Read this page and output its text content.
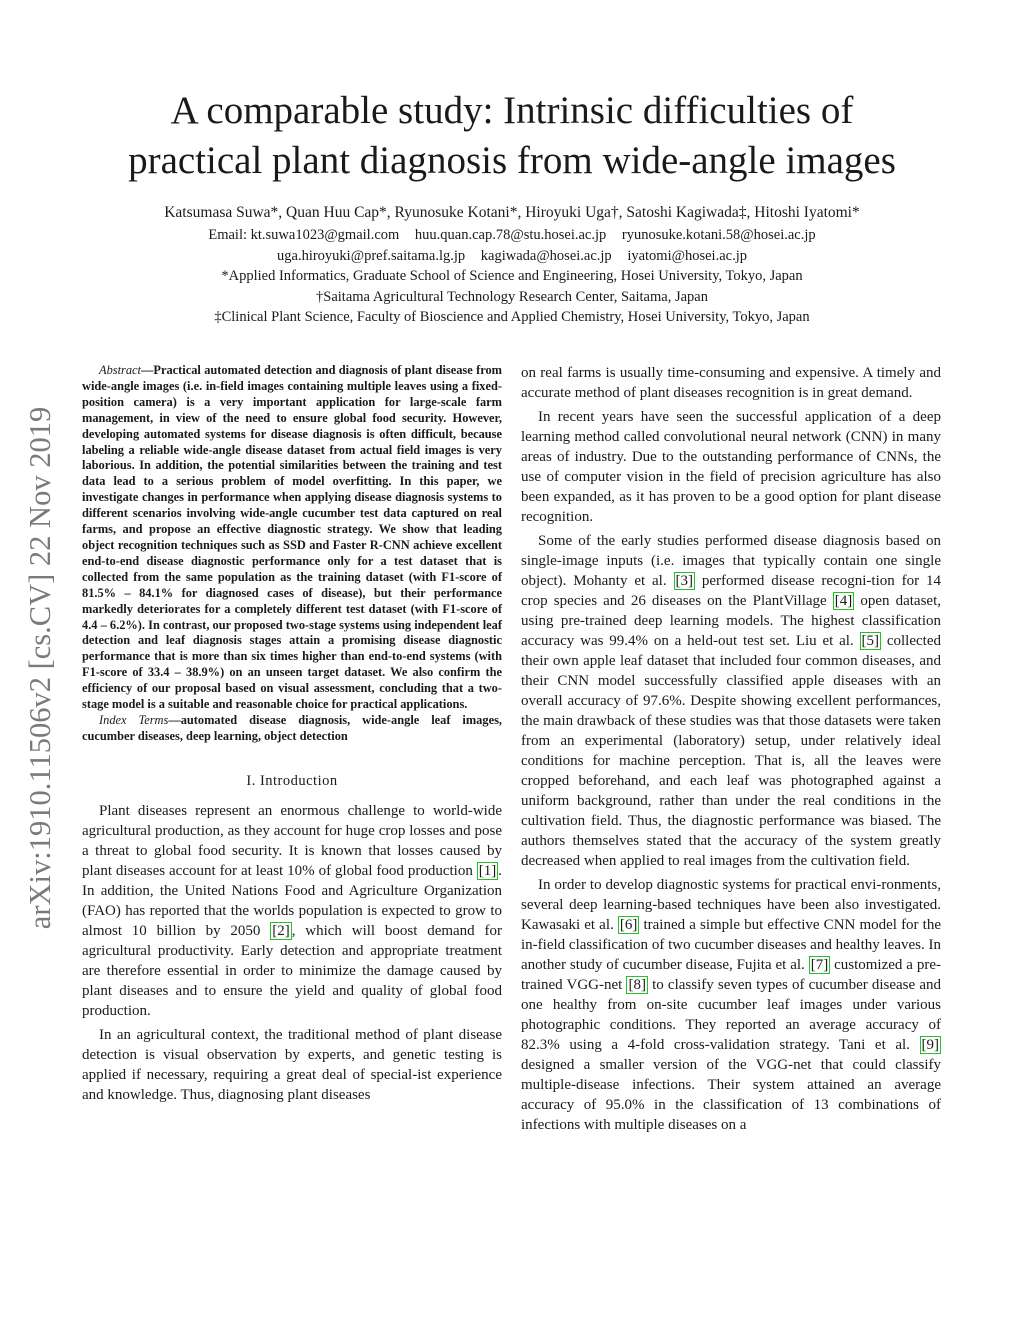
A comparable study: Intrinsic difficulties of
practical plant diagnosis from wide-angle images
Katsumasa Suwa*, Quan Huu Cap*, Ryunosuke Kotani*, Hiroyuki Uga†, Satoshi Kagiwada‡, Hitoshi Iyatomi*
Email: kt.suwa1023@gmail.com huu.quan.cap.78@stu.hosei.ac.jp ryunosuke.kotani.58@hosei.ac.jp
uga.hiroyuki@pref.saitama.lg.jp kagiwada@hosei.ac.jp iyatomi@hosei.ac.jp
*Applied Informatics, Graduate School of Science and Engineering, Hosei University, Tokyo, Japan
†Saitama Agricultural Technology Research Center, Saitama, Japan
‡Clinical Plant Science, Faculty of Bioscience and Applied Chemistry, Hosei University, Tokyo, Japan
arXiv:1910.11506v2 [cs.CV] 22 Nov 2019

Abstract—Practical automated detection and diagnosis of plant disease from wide-angle images (i.e. in-field images containing multiple leaves using a fixed-position camera) is a very important application for large-scale farm management, in view of the need to ensure global food security. However, developing automated systems for disease diagnosis is often difficult, because labeling a reliable wide-angle disease dataset from actual field images is very laborious. In addition, the potential similarities between the training and test data lead to a serious problem of model overfitting. In this paper, we investigate changes in performance when applying disease diagnosis systems to different scenarios involving wide-angle cucumber test data captured on real farms, and propose an effective diagnostic strategy. We show that leading object recognition techniques such as SSD and Faster R-CNN achieve excellent end-to-end disease diagnostic performance only for a test dataset that is collected from the same population as the training dataset (with F1-score of 81.5% – 84.1% for diagnosed cases of disease), but their performance markedly deteriorates for a completely different test dataset (with F1-score of 4.4 – 6.2%). In contrast, our proposed two-stage systems using independent leaf detection and leaf diagnosis stages attain a promising disease diagnostic performance that is more than six times higher than end-to-end systems (with F1-score of 33.4 – 38.9%) on an unseen target dataset. We also confirm the efficiency of our proposal based on visual assessment, concluding that a two-stage model is a suitable and reasonable choice for practical applications.

Index Terms—automated disease diagnosis, wide-angle leaf images, cucumber diseases, deep learning, object detection

I. Introduction

Plant diseases represent an enormous challenge to world-wide agricultural production, as they account for huge crop losses and pose a threat to global food security. It is known that losses caused by plant diseases account for at least 10% of global food production [1] . In addition, the United Nations Food and Agriculture Organization (FAO) has reported that the worlds population is expected to grow to almost 10 billion by 2050 [2] , which will boost demand for agricultural productivity. Early detection and appropriate treatment are therefore essential in order to minimize the damage caused by plant diseases and to ensure the yield and quality of global food production.

In an agricultural context, the traditional method of plant disease detection is visual observation by experts, and genetic testing is applied if necessary, requiring a great deal of special-ist experience and knowledge. Thus, diagnosing plant diseases

on real farms is usually time-consuming and expensive. A timely and accurate method of plant diseases recognition is in great demand.

In recent years have seen the successful application of a deep learning method called convolutional neural network (CNN) in many areas of industry. Due to the outstanding performance of CNNs, the use of computer vision in the field of precision agriculture has also been expanded, as it has proven to be a good option for plant disease recognition.

Some of the early studies performed disease diagnosis based on single-image inputs (i.e. images that typically contain one single object). Mohanty et al. [3] performed disease recogni-tion for 14 crop species and 26 diseases on the PlantVillage [4] open dataset, using pre-trained deep learning models. The highest classification accuracy was 99.4% on a held-out test set. Liu et al. [5] collected their own apple leaf dataset that included four common diseases, and their CNN model successfully classified apple diseases with an overall accuracy of 97.6%. Despite showing excellent performances, the main drawback of these studies was that those datasets were taken from an experimental (laboratory) setup, under relatively ideal conditions for machine perception. That is, all the leaves were cropped beforehand, and each leaf was photographed against a uniform background, rather than under the real conditions in the cultivation field. Thus, the diagnostic performance was biased. The authors themselves stated that the accuracy of the system greatly decreased when applied to real images from the cultivation field.

In order to develop diagnostic systems for practical envi-ronments, several deep learning-based techniques have been also investigated. Kawasaki et al. [6] trained a simple but effective CNN model for the in-field classification of two cucumber diseases and healthy leaves. In another study of cucumber disease, Fujita et al. [7] customized a pre-trained VGG-net [8] to classify seven types of cucumber disease and one healthy from on-site cucumber leaf images under various photographic conditions. They reported an average accuracy of 82.3% using a 4-fold cross-validation strategy. Tani et al. [9] designed a smaller version of the VGG-net that could classify multiple-disease infections. Their system attained an average accuracy of 95.0% in the classification of 13 combinations of infections with multiple diseases on a
